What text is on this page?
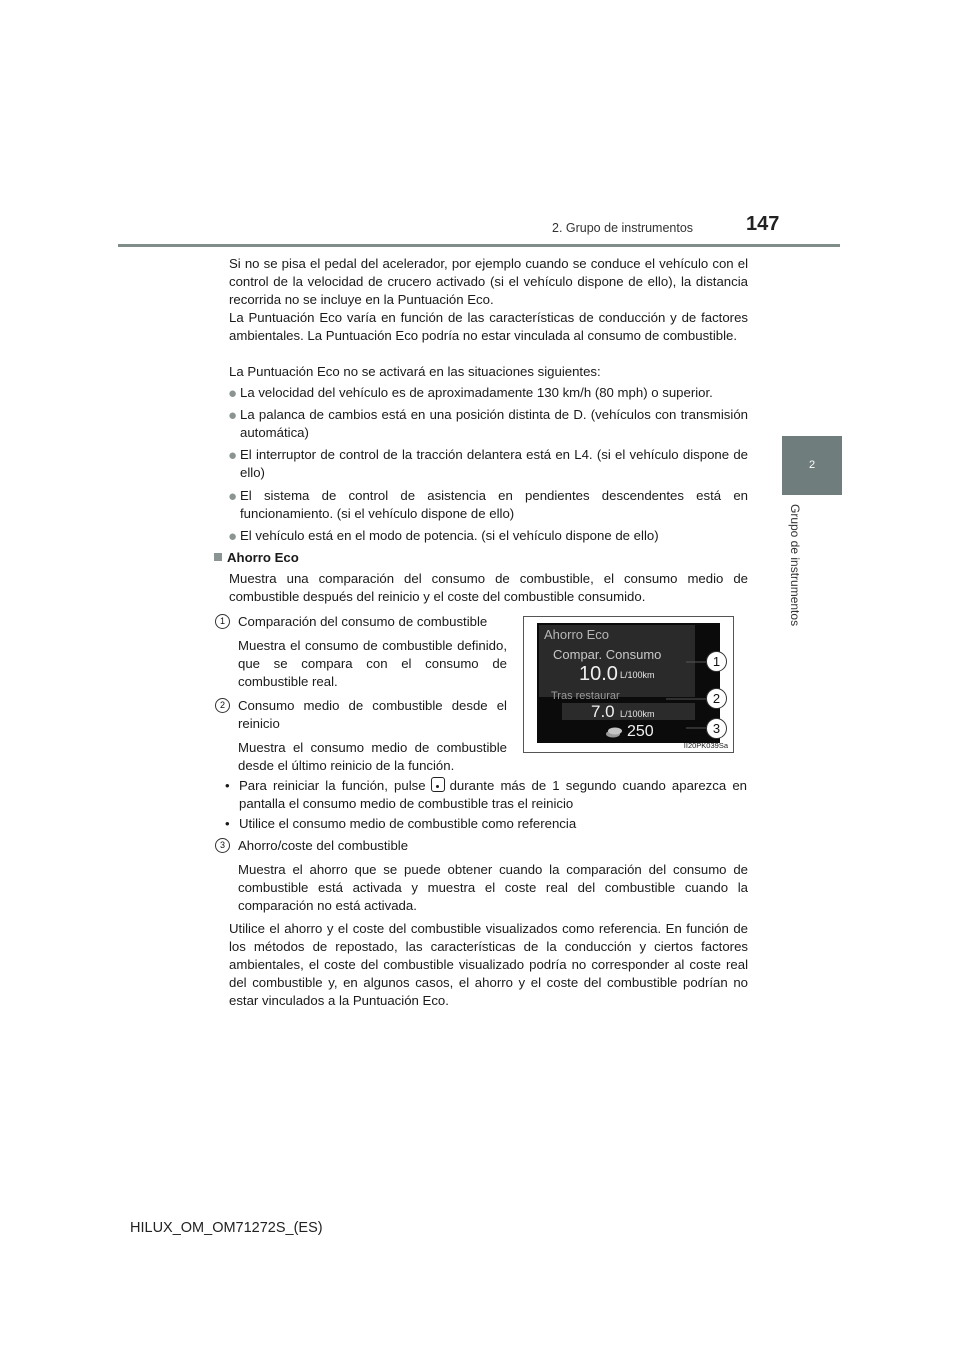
2. Grupo de instrumentos	147
2
Grupo de instrumentos
Si no se pisa el pedal del acelerador, por ejemplo cuando se conduce el vehículo con el control de la velocidad de crucero activado (si el vehículo dispone de ello), la distancia recorrida no se incluye en la Puntuación Eco.
La Puntuación Eco varía en función de las características de conducción y de factores ambientales. La Puntuación Eco podría no estar vinculada al consumo de combustible.
La Puntuación Eco no se activará en las situaciones siguientes:
● La velocidad del vehículo es de aproximadamente 130 km/h (80 mph) o superior.
● La palanca de cambios está en una posición distinta de D. (vehículos con transmisión automática)
● El interruptor de control de la tracción delantera está en L4. (si el vehículo dispone de ello)
● El sistema de control de asistencia en pendientes descendentes está en funcionamiento. (si el vehículo dispone de ello)
● El vehículo está en el modo de potencia. (si el vehículo dispone de ello)
Ahorro Eco
Muestra una comparación del consumo de combustible, el consumo medio de combustible después del reinicio y el coste del combustible consumido.
1 Comparación del consumo de combustible
Muestra el consumo de combustible definido, que se compara con el consumo de combustible real.
2 Consumo medio de combustible desde el reinicio
Muestra el consumo medio de combustible desde el último reinicio de la función.
Ahorro Eco
Compar. Consumo
10.0 L/100km
Tras restaurar
7.0 L/100km
250
1
2
3
II20PK039Sa
• Para reiniciar la función, pulse durante más de 1 segundo cuando aparezca en pantalla el consumo medio de combustible tras el reinicio
• Utilice el consumo medio de combustible como referencia
3 Ahorro/coste del combustible
Muestra el ahorro que se puede obtener cuando la comparación del consumo de combustible está activada y muestra el coste real del combustible cuando la comparación no está activada.
Utilice el ahorro y el coste del combustible visualizados como referencia. En función de los métodos de repostado, las características de la conducción y ciertos factores ambientales, el coste del combustible visualizado podría no corresponder al coste real del combustible y, en algunos casos, el ahorro y el coste del combustible podrían no estar vinculados a la Puntuación Eco.
HILUX_OM_OM71272S_(ES)
